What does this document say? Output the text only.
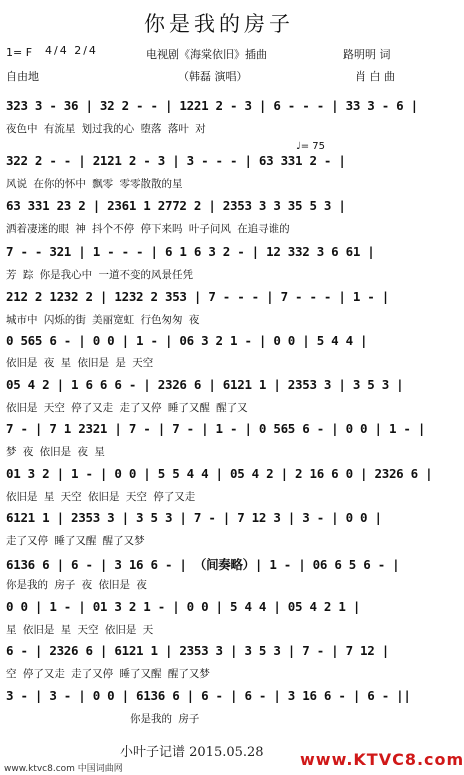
你是我的房子
1= F 4/4 2/4	电视剧《海棠依旧》插曲	路明明 词
自由地	（韩磊 演唱）	肖 白 曲
♩= 75
323 3 - 36 | 32 2 - - | 1221 2 - 3 | 6 - - - | 33 3 - 6 |
夜色中 有流星 划过我的心 堕落 落叶 对
322 2 - - | 2121 2 - 3 | 3 - - - | 63 331 2 - |
风说 在你的怀中 飘零 零零散散的星
63 331 23 2 | 2361 1 2772 2 | 2353 3 3 35 5 3 |
洒着凄迷的眼 神 抖个不停 停下来吗 叶子问风 在追寻谁的
7 - - 321 | 1 - - - | 6 1 6 3 2 - | 12 332 3 6 61 |
芳 踪 你是我心中 一道不变的风景任凭
212 2 1232 2 | 1232 2 353 | 7 - - - | 7 - - - | 1 - |
城市中 闪烁的街 美丽宽虹 行色匆匆 夜
0 565 6 - | 0 0 | 1 - | 06 3 2 1 - | 0 0 | 5 4 4 |
依旧是 夜 星 依旧是 是 天空
05 4 2 | 1 6 6 6 - | 2326 6 | 6121 1 | 2353 3 | 3 5 3 |
依旧是 天空 停了又走 走了又停 睡了又醒 醒了又
7 - | 7 1 2321 | 7 - | 7 - | 1 - | 0 565 6 - | 0 0 | 1 - |
梦 夜 依旧是 夜 星
01 3 2 | 1 - | 0 0 | 5 5 4 4 | 05 4 2 | 2 16 6 0 | 2326 6 |
依旧是 星 天空 依旧是 天空 停了又走
6121 1 | 2353 3 | 3 5 3 | 7 - | 7 12 3 | 3 - | 0 0 |
走了又停 睡了又醒 醒了又梦
6136 6 | 6 - | 3 16 6 - | （间奏略）| 1 - | 06 6 5 6 - |
你是我的 房子 夜 依旧是 夜
0 0 | 1 - | 01 3 2 1 - | 0 0 | 5 4 4 | 05 4 2 1 |
星 依旧是 星 天空 依旧是 天
6 - | 2326 6 | 6121 1 | 2353 3 | 3 5 3 | 7 - | 7 12 |
空 停了又走 走了又停 睡了又醒 醒了又梦
3 - | 3 - | 0 0 | 6136 6 | 6 - | 6 - | 3 16 6 - | 6 - ||
你是我的 房子
小叶子记谱 2015.05.28
www.ktvc8.com 中国词曲网	www.KTVC8.com
